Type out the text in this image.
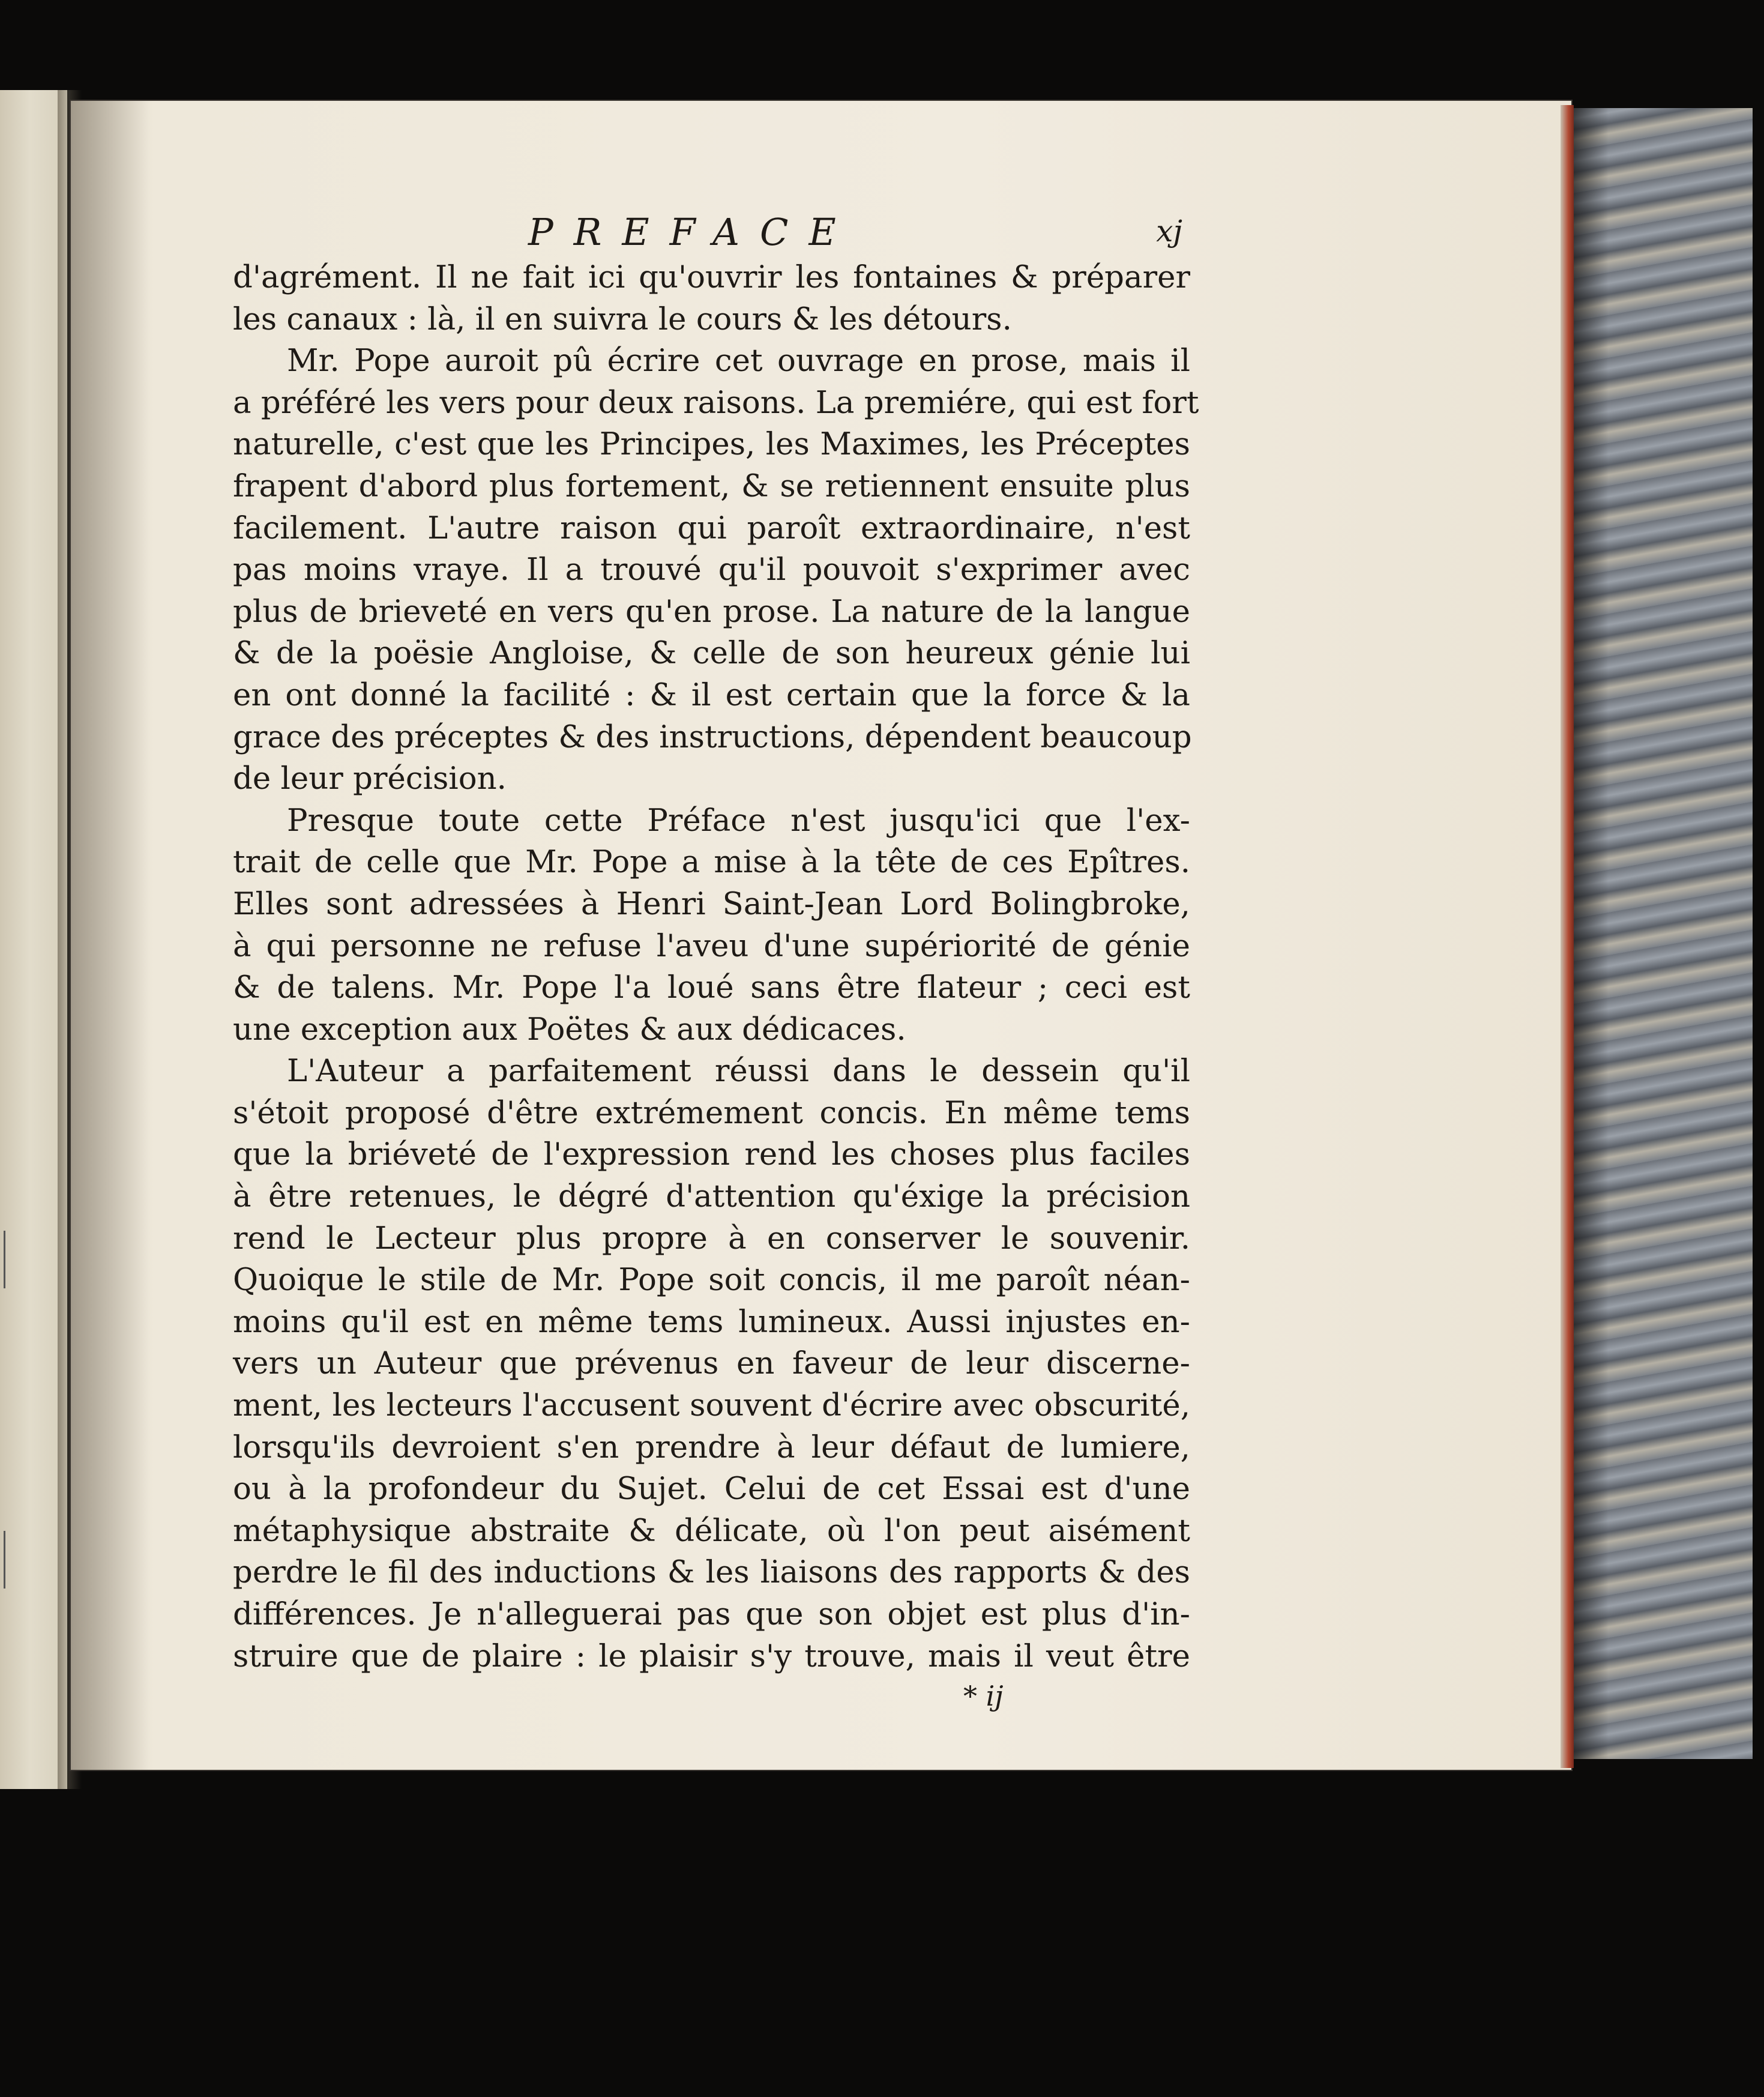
PREFACE	xj
d'agrément. Il ne fait ici qu'ouvrir les fontaines & préparer
les canaux : là, il en suivra le cours & les détours.
Mr. Pope auroit pû écrire cet ouvrage en prose, mais il
a préféré les vers pour deux raisons. La premiére, qui est fort
naturelle, c'est que les Principes, les Maximes, les Préceptes
frapent d'abord plus fortement, & se retiennent ensuite plus
facilement. L'autre raison qui paroît extraordinaire, n'est
pas moins vraye. Il a trouvé qu'il pouvoit s'exprimer avec
plus de brieveté en vers qu'en prose. La nature de la langue
& de la poësie Angloise, & celle de son heureux génie lui
en ont donné la facilité : & il est certain que la force & la
grace des préceptes & des instructions, dépendent beaucoup
de leur précision.
Presque toute cette Préface n'est jusqu'ici que l'ex-
trait de celle que Mr. Pope a mise à la tête de ces Epîtres.
Elles sont adressées à Henri Saint-Jean Lord Bolingbroke,
à qui personne ne refuse l'aveu d'une supériorité de génie
& de talens. Mr. Pope l'a loué sans être flateur ; ceci est
une exception aux Poëtes & aux dédicaces.
L'Auteur a parfaitement réussi dans le dessein qu'il
s'étoit proposé d'être extrémement concis. En même tems
que la briéveté de l'expression rend les choses plus faciles
à être retenues, le dégré d'attention qu'éxige la précision
rend le Lecteur plus propre à en conserver le souvenir.
Quoique le stile de Mr. Pope soit concis, il me paroît néan-
moins qu'il est en même tems lumineux. Aussi injustes en-
vers un Auteur que prévenus en faveur de leur discerne-
ment, les lecteurs l'accusent souvent d'écrire avec obscurité,
lorsqu'ils devroient s'en prendre à leur défaut de lumiere,
ou à la profondeur du Sujet. Celui de cet Essai est d'une
métaphysique abstraite & délicate, où l'on peut aisément
perdre le fil des inductions & les liaisons des rapports & des
différences. Je n'alleguerai pas que son objet est plus d'in-
struire que de plaire : le plaisir s'y trouve, mais il veut être
* ij
